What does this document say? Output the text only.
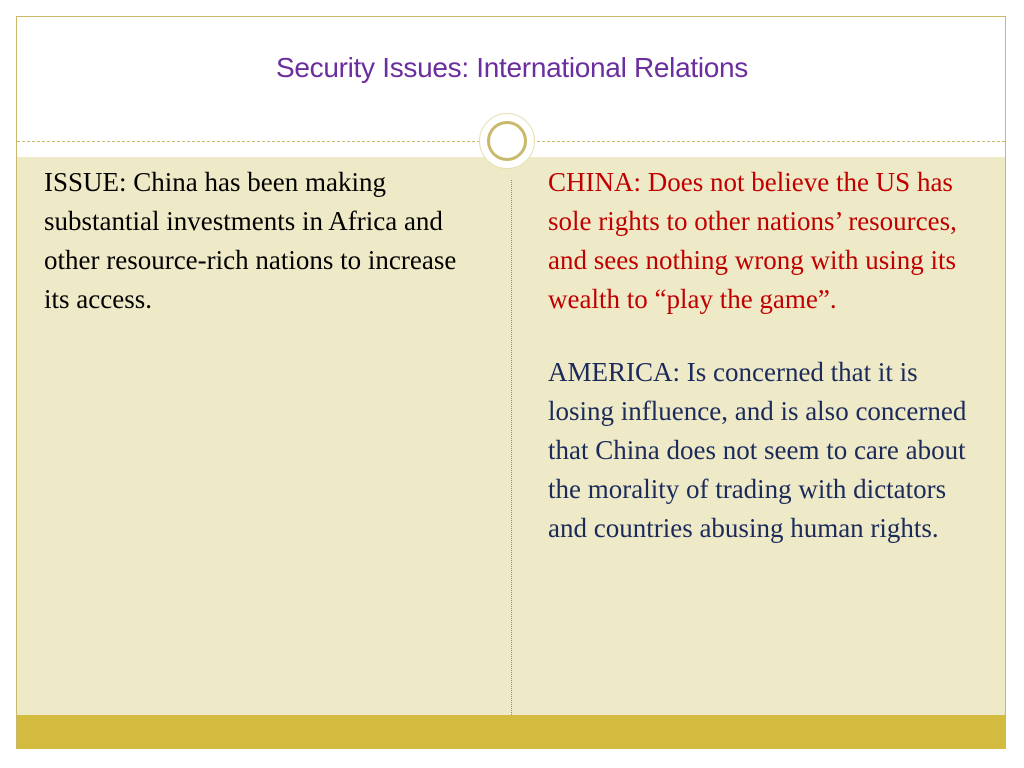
Security Issues: International Relations
ISSUE: China has been making substantial investments in Africa and other resource-rich nations to increase its access.

CHINA: Does not believe the US has sole rights to other nations’ resources, and sees nothing wrong with using its wealth to “play the game”.

AMERICA: Is concerned that it is losing influence, and is also concerned that China does not seem to care about the morality of trading with dictators and countries abusing human rights.
